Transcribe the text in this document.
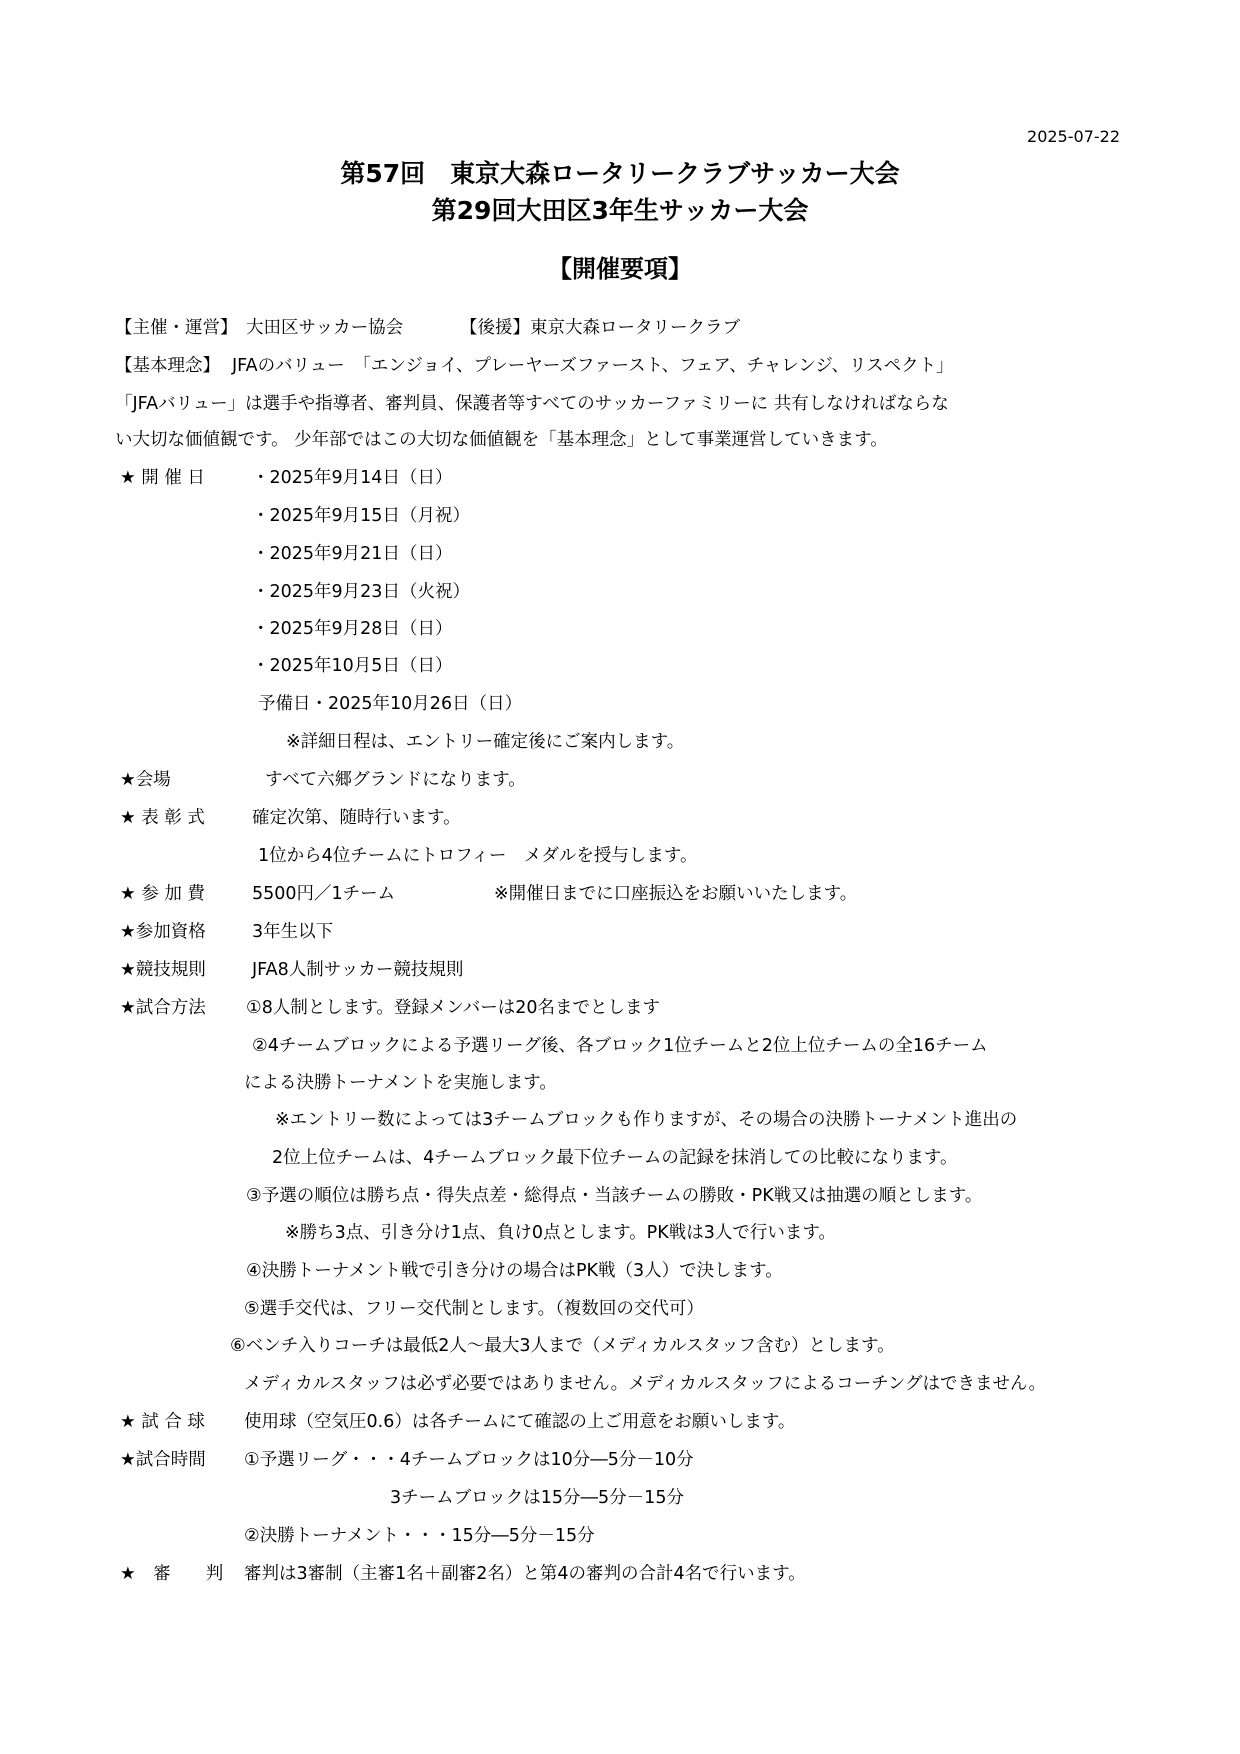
2025-07-22
第57回　東京大森ロータリークラブサッカー大会
第29回大田区3年生サッカー大会
【開催要項】
【主催・運営】 大田区サッカー協会	【後援】東京大森ロータリークラブ
【基本理念】 JFAのバリュー　「エンジョイ、プレーヤーズファースト、フェア、チャレンジ、リスペクト」
「JFAバリュー」は選手や指導者、審判員、保護者等すべてのサッカーファミリーに 共有しなければならな
い大切な価値観です。 少年部ではこの大切な価値観を「基本理念」として事業運営していきます。
★ 開 催 日	・2025年9月14日（日）
・2025年9月15日（月祝）
・2025年9月21日（日）
・2025年9月23日（火祝）
・2025年9月28日（日）
・2025年10月5日（日）
予備日・2025年10月26日（日）
※詳細日程は、エントリー確定後にご案内します。
★会場	すべて六郷グランドになります。
★ 表 彰 式	確定次第、随時行います。
1位から4位チームにトロフィー　メダルを授与します。
★ 参 加 費	5500円／1チーム	※開催日までに口座振込をお願いいたします。
★参加資格	3年生以下
★競技規則	JFA8人制サッカー競技規則
★試合方法 ①8人制とします。登録メンバーは20名までとします
②4チームブロックによる予選リーグ後、各ブロック1位チームと2位上位チームの全16チーム
による決勝トーナメントを実施します。
※エントリー数によっては3チームブロックも作りますが、その場合の決勝トーナメント進出の
2位上位チームは、4チームブロック最下位チームの記録を抹消しての比較になります。
③予選の順位は勝ち点・得失点差・総得点・当該チームの勝敗・PK戦又は抽選の順とします。
※勝ち3点、引き分け1点、負け0点とします。PK戦は3人で行います。
④決勝トーナメント戦で引き分けの場合はPK戦（3人）で決します。
⑤選手交代は、フリー交代制とします。（複数回の交代可）
⑥ベンチ入りコーチは最低2人～最大3人まで（メディカルスタッフ含む）とします。
メディカルスタッフは必ず必要ではありません。メディカルスタッフによるコーチングはできません。
★ 試 合 球 使用球（空気圧0.6）は各チームにて確認の上ご用意をお願いします。
★試合時間 ①予選リーグ・・・4チームブロックは10分―5分－10分
3チームブロックは15分―5分－15分
②決勝トーナメント・・・15分―5分－15分
★　審　　判 審判は3審制（主審1名＋副審2名）と第4の審判の合計4名で行います。
